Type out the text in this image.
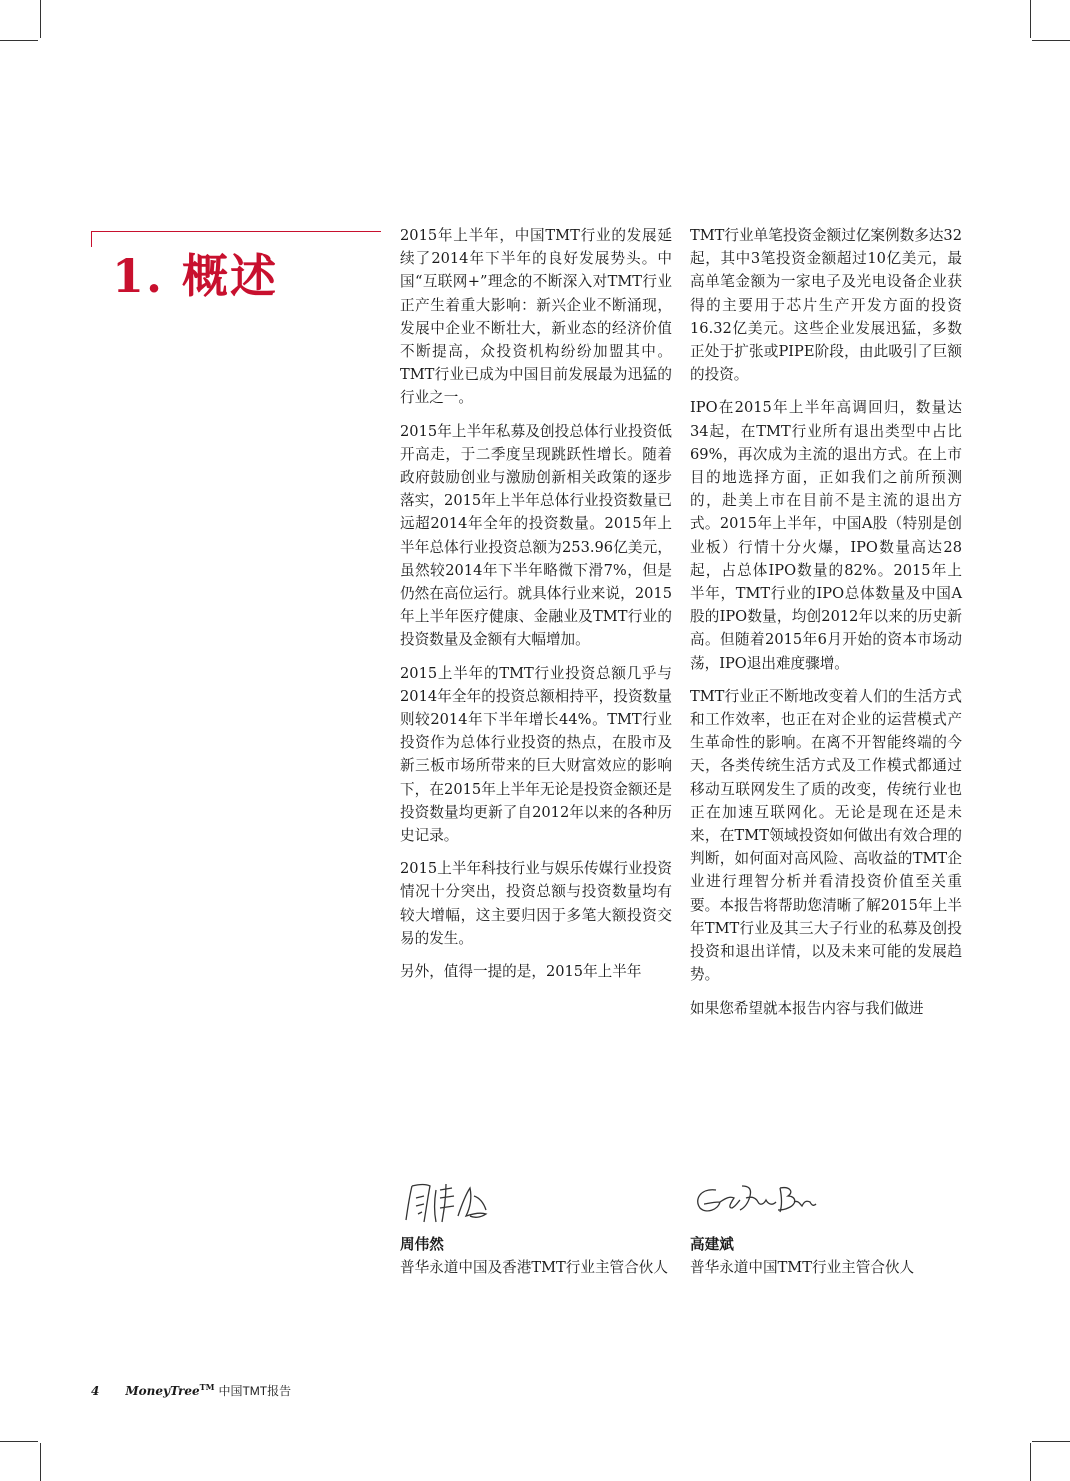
1. 概述

2015年上半年，中国TMT行业的发展延续了2014年下半年的良好发展势头。中国“互联网+”理念的不断深入对TMT行业正产生着重大影响：新兴企业不断涌现，发展中企业不断壮大，新业态的经济价值不断提高，众投资机构纷纷加盟其中。TMT行业已成为中国目前发展最为迅猛的行业之一。

2015年上半年私募及创投总体行业投资低开高走，于二季度呈现跳跃性增长。随着政府鼓励创业与激励创新相关政策的逐步落实，2015年上半年总体行业投资数量已远超2014年全年的投资数量。2015年上半年总体行业投资总额为253.96亿美元，虽然较2014年下半年略微下滑7%，但是仍然在高位运行。就具体行业来说，2015年上半年医疗健康、金融业及TMT行业的投资数量及金额有大幅增加。

2015上半年的TMT行业投资总额几乎与2014年全年的投资总额相持平，投资数量则较2014年下半年增长44%。TMT行业投资作为总体行业投资的热点，在股市及新三板市场所带来的巨大财富效应的影响下，在2015年上半年无论是投资金额还是投资数量均更新了自2012年以来的各种历史记录。

2015上半年科技行业与娱乐传媒行业投资情况十分突出，投资总额与投资数量均有较大增幅，这主要归因于多笔大额投资交易的发生。

另外，值得一提的是，2015年上半年

TMT行业单笔投资金额过亿案例数多达32起，其中3笔投资金额超过10亿美元，最高单笔金额为一家电子及光电设备企业获得的主要用于芯片生产开发方面的投资16.32亿美元。这些企业发展迅猛，多数正处于扩张或PIPE阶段，由此吸引了巨额的投资。

IPO在2015年上半年高调回归，数量达34起，在TMT行业所有退出类型中占比69%，再次成为主流的退出方式。在上市目的地选择方面，正如我们之前所预测的，赴美上市在目前不是主流的退出方式。2015年上半年，中国A股（特别是创业板）行情十分火爆，IPO数量高达28起，占总体IPO数量的82%。2015年上半年，TMT行业的IPO总体数量及中国A股的IPO数量，均创2012年以来的历史新高。但随着2015年6月开始的资本市场动荡，IPO退出难度骤增。

TMT行业正不断地改变着人们的生活方式和工作效率，也正在对企业的运营模式产生革命性的影响。在离不开智能终端的今天，各类传统生活方式及工作模式都通过移动互联网发生了质的改变，传统行业也正在加速互联网化。无论是现在还是未来，在TMT领域投资如何做出有效合理的判断，如何面对高风险、高收益的TMT企业进行理智分析并看清投资价值至关重要。本报告将帮助您清晰了解2015年上半年TMT行业及其三大子行业的私募及创投投资和退出详情，以及未来可能的发展趋势。

如果您希望就本报告内容与我们做进

周伟然
普华永道中国及香港TMT行业主管合伙人
高建斌
普华永道中国TMT行业主管合伙人
4 MoneyTree™ 中国TMT报告
